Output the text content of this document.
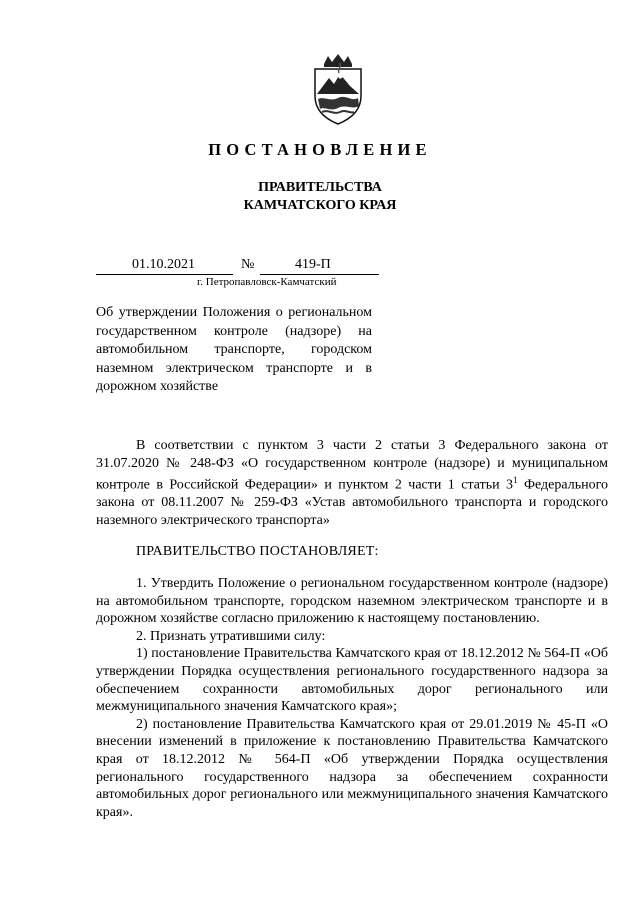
ПОСТАНОВЛЕНИЕ
ПРАВИТЕЛЬСТВА
КАМЧАТСКОГО КРАЯ
01.10.2021	№	419-П
г. Петропавловск-Камчатский
Об утверждении Положения о региональном государственном контроле (надзоре) на автомобильном транспорте, городском наземном электрическом транспорте и в дорожном хозяйстве
В соответствии с пунктом 3 части 2 статьи 3 Федерального закона от 31.07.2020 № 248-ФЗ «О государственном контроле (надзоре) и муниципальном контроле в Российской Федерации» и пунктом 2 части 1 статьи $3^1$ Федерального закона от 08.11.2007 № 259-ФЗ «Устав автомобильного транспорта и городского наземного электрического транспорта»
ПРАВИТЕЛЬСТВО ПОСТАНОВЛЯЕТ:

1. Утвердить Положение о региональном государственном контроле (надзоре) на автомобильном транспорте, городском наземном электрическом транспорте и в дорожном хозяйстве согласно приложению к настоящему постановлению.

2. Признать утратившими силу:

1) постановление Правительства Камчатского края от 18.12.2012 № 564-П «Об утверждении Порядка осуществления регионального государственного надзора за обеспечением сохранности автомобильных дорог регионального или межмуниципального значения Камчатского края»;

2) постановление Правительства Камчатского края от 29.01.2019 № 45-П «О внесении изменений в приложение к постановлению Правительства Камчатского края от 18.12.2012 № 564-П «Об утверждении Порядка осуществления регионального государственного надзора за обеспечением сохранности автомобильных дорог регионального или межмуниципального значения Камчатского края».
